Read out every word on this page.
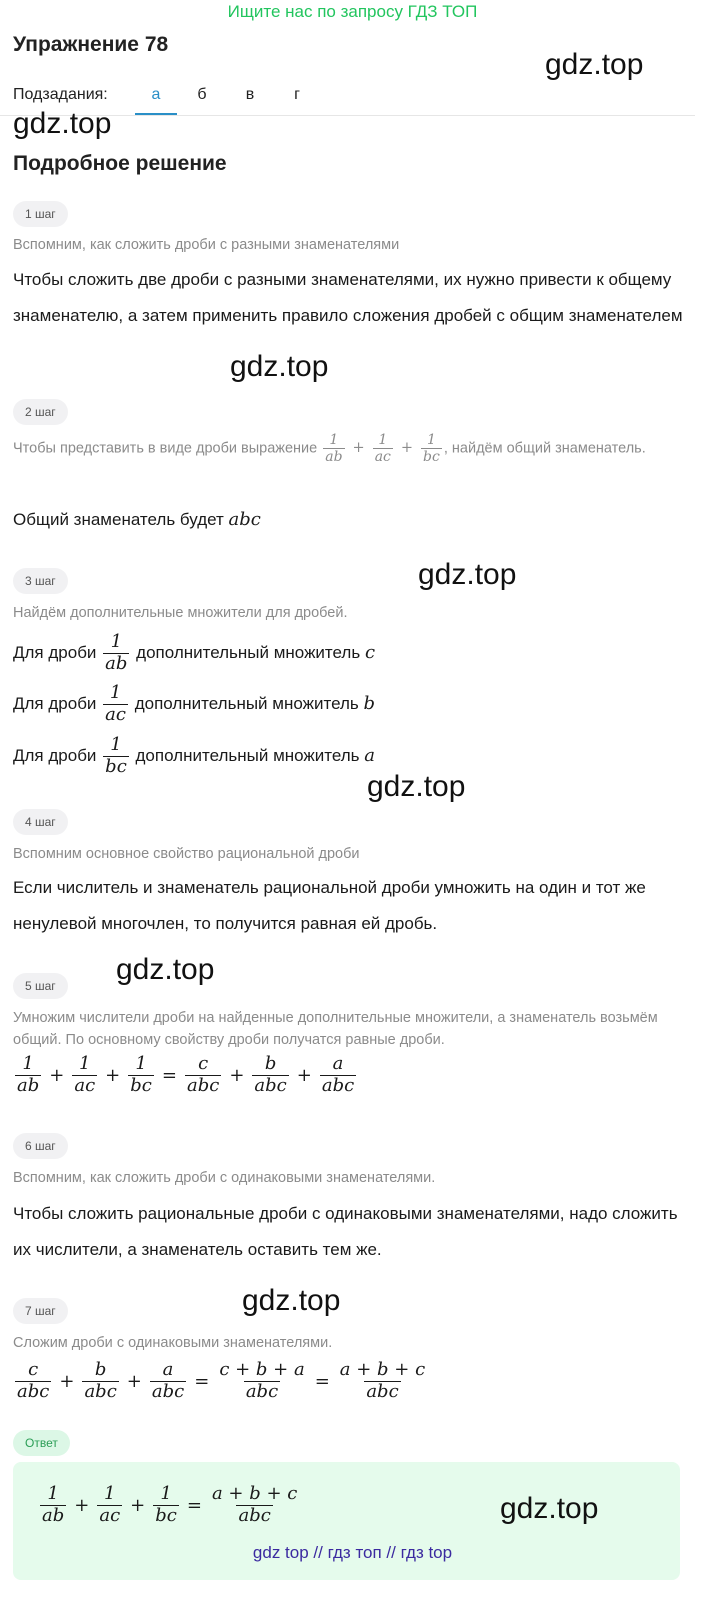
Ищите нас по запросу ГДЗ ТОП
Упражнение 78
gdz.top
Подзадания:	а	б	в	г
gdz.top
Подробное решение
1 шаг
Вспомним, как сложить дроби с разными знаменателями
Чтобы сложить две дроби с разными знаменателями, их нужно привести к общему знаменателю, а затем применить правило сложения дробей с общим знаменателем
gdz.top
2 шаг
Чтобы представить в виде дроби выражение $\frac{1}{ab} + \frac{1}{ac} + \frac{1}{bc}$ , найдём общий знаменатель.
Общий знаменатель будет abc
gdz.top
3 шаг
Найдём дополнительные множители для дробей.
Для дроби $\frac{1}{ab}$ дополнительный множитель c
Для дроби $\frac{1}{ac}$ дополнительный множитель b
Для дроби $\frac{1}{bc}$ дополнительный множитель a
gdz.top
4 шаг
Вспомним основное свойство рациональной дроби
Если числитель и знаменатель рациональной дроби умножить на один и тот же ненулевой многочлен, то получится равная ей дробь.
gdz.top
5 шаг
Умножим числители дроби на найденные дополнительные множители, а знаменатель возьмём общий. По основному свойству дроби получатся равные дроби.
$\frac{1}{ab} + \frac{1}{ac} + \frac{1}{bc} = \frac{c}{\text{abc}} + \frac{b}{\text{abc}} + \frac{a}{\text{abc}}$
6 шаг
Вспомним, как сложить дроби с одинаковыми знаменателями.
Чтобы сложить рациональные дроби с одинаковыми знаменателями, надо сложить их числители, а знаменатель оставить тем же.
gdz.top
7 шаг
Сложим дроби с одинаковыми знаменателями.
$\frac{c}{\text{abc}} + \frac{b}{\text{abc}} + \frac{a}{\text{abc}} = \frac{c + b + a}{\text{abc}} = \frac{a + b + c}{\text{abc}}$
Ответ
$\frac{1}{ab} + \frac{1}{ac} + \frac{1}{bc} = \frac{a + b + c}{\text{abc}}$	gdz.top
gdz top // гдз топ // гдз top
